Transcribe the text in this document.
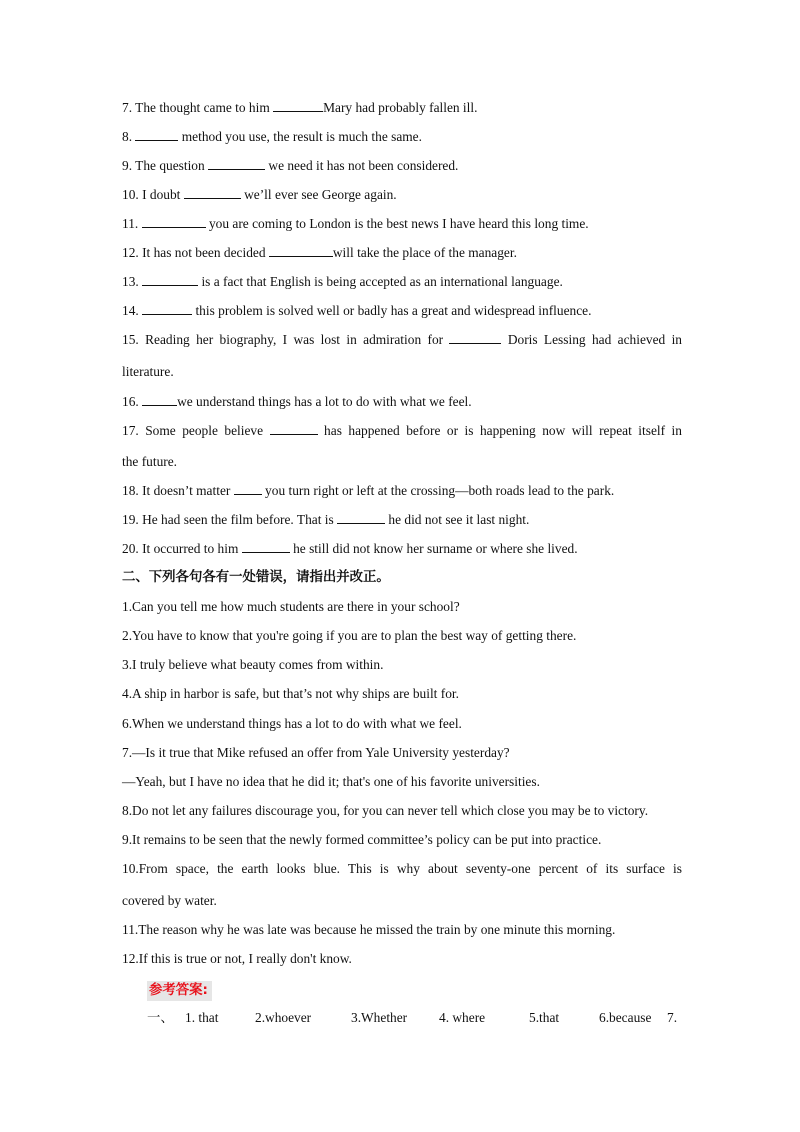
7. The thought came to him	Mary had probably fallen ill.
8.	method you use, the result is much the same.
9. The question	we need it has not been considered.
10. I doubt	we’ll ever see George again.
11.	you are coming to London is the best news I have heard this long time.
12. It has not been decided	will take the place of the manager.
13.	is a fact that English is being accepted as an international language.
14.	this problem is solved well or badly has a great and widespread influence.
15. Reading her biography, I was lost in admiration for	Doris Lessing had achieved in
literature.
16.	we understand things has a lot to do with what we feel.
17. Some people believe	has happened before or is happening now will repeat itself in
the future.
18. It doesn’t matter  you turn right or left at the crossing—both roads lead to the park.
19. He had seen the film before. That is	he did not see it last night.
20. It occurred to him	he still did not know her surname or where she lived.
二、下列各句各有一处错误，请指出并改正。
1.Can you tell me how much students are there in your school?
2.You have to know that you're going if you are to plan the best way of getting there.
3.I truly believe what beauty comes from within.
4.A ship in harbor is safe, but that’s not why ships are built for.
6.When we understand things has a lot to do with what we feel.
7.—Is it true that Mike refused an offer from Yale University yesterday?
—Yeah, but I have no idea that he did it; that's one of his favorite universities.
8.Do not let any failures discourage you, for you can never tell which close you may be to victory.
9.It remains to be seen that the newly formed committee’s policy can be put into practice.
10.From space, the earth looks blue. This is why about seventy-one percent of its surface is
covered by water.
11.The reason why he was late was because he missed the train by one minute this morning.
12.If this is true or not, I really don't know.
参考答案:
一、 1. that	2.whoever	3.Whether 4. where	5.that	6.because 7.
